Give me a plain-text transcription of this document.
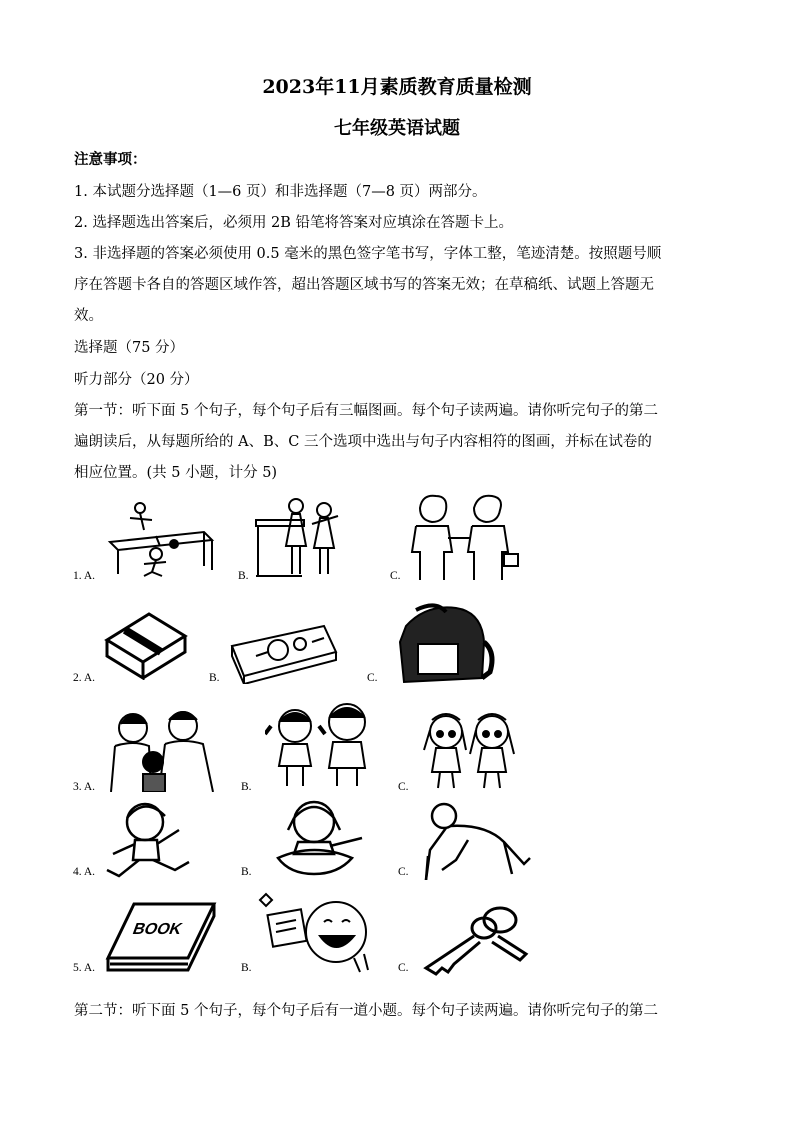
2023年11月素质教育质量检测
七年级英语试题
注意事项：
1. 本试题分选择题（1—6 页）和非选择题（7—8 页）两部分。
2. 选择题选出答案后，必须用 2B 铅笔将答案对应填涂在答题卡上。
3. 非选择题的答案必须使用 0.5 毫米的黑色签字笔书写，字体工整，笔迹清楚。按照题号顺
序在答题卡各自的答题区域作答，超出答题区域书写的答案无效；在草稿纸、试题上答题无
效。
选择题（75 分）
听力部分（20 分）
第一节：听下面 5 个句子，每个句子后有三幅图画。每个句子读两遍。请你听完句子的第二
遍朗读后，从每题所给的 A、B、C 三个选项中选出与句子内容相符的图画，并标在试卷的
相应位置。(共 5 小题，计分 5)
1. A.	B.	C.
2. A.	B.	C.
3. A.	B.	C.
4. A.	B.	C.
5. A.	B.	C.
BOOK
第二节：听下面 5 个句子，每个句子后有一道小题。每个句子读两遍。请你听完句子的第二
